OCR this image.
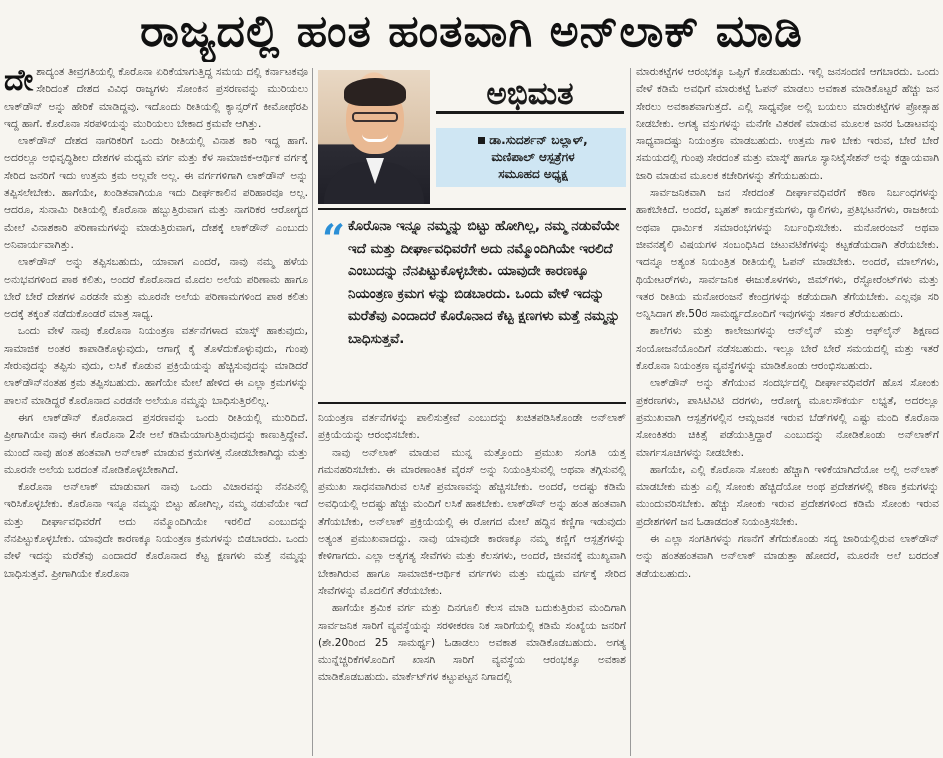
ರಾಜ್ಯದಲ್ಲಿ ಹಂತ ಹಂತವಾಗಿ ಅನ್‌ಲಾಕ್ ಮಾಡಿ

ದೇಶಾದ್ಯಂತ ತೀವ್ರಗತಿಯಲ್ಲಿ ಕೊರೊನಾ ಏರಿಕೆಯಾಗುತ್ತಿದ್ದ ಸಮಯ ದಲ್ಲಿ ಕರ್ನಾಟಕವೂ ಸೇರಿದಂತೆ ದೇಶದ ವಿವಿಧ ರಾಜ್ಯಗಳು ಸೋಂಕಿನ ಪ್ರಸರಣವನ್ನು ಮುರಿಯಲು ಲಾಕ್‌ಡೌನ್ ಅನ್ನು ಹೇರಿಕೆ ಮಾಡಿದ್ದವು. ಇದೊಂದು ರೀತಿಯಲ್ಲಿ ಕ್ಯಾನ್ಸರ್‌ಗೆ ಕೀಮೋಥೆರಪಿ ಇದ್ದ ಹಾಗೆ. ಕೊರೊನಾ ಸರಪಳಿಯನ್ನು ಮುರಿಯಲು ಬೇಕಾದ ಕ್ರಮವೇ ಆಗಿತ್ತು.

ಲಾಕ್‌ಡೌನ್ ದೇಶದ ನಾಗರಿಕರಿಗೆ ಒಂದು ರೀತಿಯಲ್ಲಿ ವಿನಾಶ ಕಾರಿ ಇದ್ದ ಹಾಗೆ. ಅದರಲ್ಲೂ ಅಭಿವೃದ್ಧಿಶೀಲ ದೇಶಗಳ ಮಧ್ಯಮ ವರ್ಗ ಮತ್ತು ಕೆಳ ಸಾಮಾಜಿಕ-ಆರ್ಥಿಕ ವರ್ಗಕ್ಕೆ ಸೇರಿದ ಜನರಿಗೆ ಇದು ಉತ್ತಮ ಕ್ರಮ ಅಲ್ಲವೇ ಅಲ್ಲ. ಈ ವರ್ಗಗಳಿಗಾಗಿ ಲಾಕ್‌ಡೌನ್ ಅನ್ನು ತಪ್ಪಿಸಲೇಬೇಕು. ಹಾಗೆಯೇ, ಖಂಡಿತವಾಗಿಯೂ ಇದು ದೀರ್ಘಕಾಲಿನ ಪರಿಹಾರವೂ ಅಲ್ಲ. ಆದರೂ, ಸುನಾಮಿ ರೀತಿಯಲ್ಲಿ ಕೊರೊನಾ ಹಬ್ಬುತ್ತಿರುವಾಗ ಮತ್ತು ನಾಗರಿಕರ ಆರೋಗ್ಯದ ಮೇಲೆ ವಿನಾಶಕಾರಿ ಪರಿಣಾಮಗಳನ್ನು ಮಾಡುತ್ತಿರುವಾಗ, ದೇಶಕ್ಕೆ ಲಾಕ್‌ಡೌನ್ ಎಂಬುದು ಅನಿವಾರ್ಯವಾಗಿತ್ತು.

ಲಾಕ್‌ಡೌನ್ ಅನ್ನು ತಪ್ಪಿಸಬಹುದು, ಯಾವಾಗ ಎಂದರೆ, ನಾವು ನಮ್ಮ ಹಳೆಯ ಅನುಭವಗಳಿಂದ ಪಾಠ ಕಲಿತು, ಅಂದರೆ ಕೊರೊನಾದ ಮೊದಲ ಅಲೆಯ ಪರಿಣಾಮ ಹಾಗೂ ಬೇರೆ ಬೇರೆ ದೇಶಗಳ ಎರಡನೇ ಮತ್ತು ಮೂರನೇ ಅಲೆಯ ಪರಿಣಾಮಗಳಿಂದ ಪಾಠ ಕಲಿತು ಅದಕ್ಕೆ ತಕ್ಕಂತೆ ನಡೆದುಕೊಂಡರೆ ಮಾತ್ರ ಸಾಧ್ಯ.

ಒಂದು ವೇಳೆ ನಾವು ಕೊರೊನಾ ನಿಯಂತ್ರಣ ವರ್ತನೆಗಳಾದ ಮಾಸ್ಕ್ ಹಾಕುವುದು, ಸಾಮಾಜಿಕ ಅಂತರ ಕಾಪಾಡಿಕೊಳ್ಳುವುದು, ಆಗಾಗ್ಗೆ ಕೈ ತೊಳೆದುಕೊಳ್ಳುವುದು, ಗುಂಪು ಸೇರುವುದನ್ನು ತಪ್ಪಿಸು ವುದು, ಲಸಿಕೆ ಕೊಡುವ ಪ್ರಕ್ರಿಯೆಯನ್ನು ಹೆಚ್ಚಿಸುವುದನ್ನು ಮಾಡಿದರೆ ಲಾಕ್‌ಡೌನ್‌ನಂತಹ ಕ್ರಮ ತಪ್ಪಿಸಬಹುದು. ಹಾಗೆಯೇ ಮೇಲೆ ಹೇಳಿದ ಈ ಎಲ್ಲಾ ಕ್ರಮಗಳನ್ನು ಪಾಲನೆ ಮಾಡಿದ್ದರೆ ಕೊರೊನಾದ ಎರಡನೇ ಅಲೆಯೂ ನಮ್ಮನ್ನು ಬಾಧಿಸುತ್ತಿರಲಿಲ್ಲ.

ಈಗ ಲಾಕ್‌ಡೌನ್ ಕೊರೊನಾದ ಪ್ರಸರಣವನ್ನು ಒಂದು ರೀತಿಯಲ್ಲಿ ಮುರಿದಿದೆ. ಪ್ರೀಗಾಗಿಯೇ ನಾವು ಈಗ ಕೊರೊನಾ 2ನೇ ಅಲೆ ಕಡಿಮೆಯಾಗುತ್ತಿರುವುದನ್ನು ಕಾಣುತ್ತಿದ್ದೇವೆ. ಮುಂದೆ ನಾವು ಹಂತ ಹಂತವಾಗಿ ಅನ್‌ಲಾಕ್ ಮಾಡುವ ಕ್ರಮಗಳತ್ತ ನೋಡಬೇಕಾಗಿದ್ದು ಮತ್ತು ಮೂರನೇ ಅಲೆಯ ಬರದಂತೆ ನೋಡಿಕೊಳ್ಳಬೇಕಾಗಿದೆ.

ಕೊರೊನಾ ಅನ್‌ಲಾಕ್ ಮಾಡುವಾಗ ನಾವು ಒಂದು ವಿಚಾರವನ್ನು ನೆನಪಿನಲ್ಲಿ ಇರಿಸಿಕೊಳ್ಳಬೇಕು. ಕೊರೊನಾ ಇನ್ನೂ ನಮ್ಮನ್ನು ಬಿಟ್ಟು ಹೋಗಿಲ್ಲ, ನಮ್ಮ ನಡುವೆಯೇ ಇದೆ ಮತ್ತು ದೀರ್ಘಾವಧಿವರೆಗೆ ಅದು ನಮ್ಮೊಂದಿಗಿಯೇ ಇರಲಿದೆ ಎಂಬುದನ್ನು ನೆನಪಿಟ್ಟುಕೊಳ್ಳಬೇಕು. ಯಾವುದೇ ಕಾರಣಕ್ಕೂ ನಿಯಂತ್ರಣ ಕ್ರಮಗಳನ್ನು ಬಿಡಬಾರದು. ಒಂದು ವೇಳೆ ಇದನ್ನು ಮರೆತೆವು ಎಂದಾದರೆ ಕೊರೊನಾದ ಕೆಟ್ಟ ಕ್ಷಣಗಳು ಮತ್ತೆ ನಮ್ಮನ್ನು ಬಾಧಿಸುತ್ತವೆ. ಪ್ರೀಗಾಗಿಯೇ ಕೊರೊನಾ

ಅಭಿಮತ
ಡಾ.ಸುದರ್ಶನ್ ಬಲ್ಲಾಳ್,
ಮಣಿಪಾಲ್ ಆಸ್ಪತ್ರೆಗಳ
ಸಮೂಹದ ಅಧ್ಯಕ್ಷ
“ ಕೊರೊನಾ ಇನ್ನೂ ನಮ್ಮನ್ನು ಬಿಟ್ಟು ಹೋಗಿಲ್ಲ, ನಮ್ಮ ನಡುವೆಯೇ ಇದೆ ಮತ್ತು ದೀರ್ಘಾವಧಿವರೆಗೆ ಅದು ನಮ್ಮೊಂದಿಗಿಯೇ ಇರಲಿದೆ ಎಂಬುದನ್ನು ನೆನಪಿಟ್ಟುಕೊಳ್ಳಬೇಕು. ಯಾವುದೇ ಕಾರಣಕ್ಕೂ ನಿಯಂತ್ರಣ ಕ್ರಮಗ ಳನ್ನು ಬಿಡಬಾರದು. ಒಂದು ವೇಳೆ ಇದನ್ನು ಮರೆತೆವು ಎಂದಾದರೆ ಕೊರೊನಾದ ಕೆಟ್ಟ ಕ್ಷಣಗಳು ಮತ್ತೆ ನಮ್ಮನ್ನು ಬಾಧಿಸುತ್ತವೆ.

ನಿಯಂತ್ರಣ ವರ್ತನೆಗಳನ್ನು ಪಾಲಿಸುತ್ತೇವೆ ಎಂಬುದನ್ನು ಖಚಿತಪಡಿಸಿಕೊಂಡೇ ಅನ್‌ಲಾಕ್ ಪ್ರಕ್ರಿಯೆಯನ್ನು ಆರಂಭಿಸಬೇಕು.

ನಾವು ಅನ್‌ಲಾಕ್ ಮಾಡುವ ಮುನ್ನ ಮತ್ತೊಂದು ಪ್ರಮುಖ ಸಂಗತಿ ಯತ್ತ ಗಮನಹರಿಸಬೇಕು. ಈ ಮಾರಣಾಂತಿಕ ವೈರಸ್ ಅನ್ನು ನಿಯಂತ್ರಿಸುವಲ್ಲಿ ಅಥವಾ ತಗ್ಗಿಸುವಲ್ಲಿ ಪ್ರಮುಖ ಸಾಧನವಾಗಿರುವ ಲಸಿಕೆ ಪ್ರಮಾಣವನ್ನು ಹೆಚ್ಚಿಸಬೇಕು. ಅಂದರೆ, ಅದಷ್ಟು ಕಡಿಮೆ ಅವಧಿಯಲ್ಲಿ ಅದಷ್ಟು ಹೆಚ್ಚು ಮಂದಿಗೆ ಲಸಿಕೆ ಹಾಕಬೇಕು. ಲಾಕ್‌ಡೌನ್ ಅನ್ನು ಹಂತ ಹಂತವಾಗಿ ತೆಗೆಯಬೇಕು, ಅನ್‌ಲಾಕ್ ಪ್ರಕ್ರಿಯೆಯಲ್ಲಿ ಈ ರೋಗದ ಮೇಲೆ ಹದ್ದಿನ ಕಣ್ಣಿಗಾ ಇಡುವುದು ಅತ್ಯಂತ ಪ್ರಮುಖವಾದದ್ದು. ನಾವು ಯಾವುದೇ ಕಾರಣಕ್ಕೂ ನಮ್ಮ ಕಣ್ಣಿಗೆ ಆಸ್ಪತ್ರೆಗಳನ್ನು ಕೇಳಿಗಾಗದು. ಎಲ್ಲಾ ಅತ್ಯಗತ್ಯ ಸೇವೆಗಳು ಮತ್ತು ಕೆಲಸಗಳು, ಅಂದರೆ, ಜೀವನಕ್ಕೆ ಮುಖ್ಯವಾಗಿ ಬೇಕಾಗಿರುವ ಹಾಗೂ ಸಾಮಾಜಿಕ-ಆರ್ಥಿಕ ವರ್ಗಗಳು ಮತ್ತು ಮಧ್ಯಮ ವರ್ಗಕ್ಕೆ ಸೇರಿದ ಸೇವೆಗಳನ್ನು ಮೊದಲಿಗೆ ತೆರೆಯಬೇಕು.

ಹಾಗೆಯೇ ಶ್ರಮಿಕ ವರ್ಗ ಮತ್ತು ದಿನಗೂಲಿ ಕೆಲಸ ಮಾಡಿ ಬದುಕುತ್ತಿರುವ ಮಂದಿಗಾಗಿ ಸಾರ್ವಜನಿಕ ಸಾರಿಗೆ ವ್ಯವಸ್ಥೆಯನ್ನು ಸರಳೀಕರಣ ನಿಕ ಸಾರಿಗೆಯಲ್ಲಿ ಕಡಿಮೆ ಸಂಖ್ಯೆಯ ಜನರಿಗೆ (ಶೇ.20ರಿಂದ 25 ಸಾಮರ್ಥ್ಯ) ಓಡಾಡಲು ಅವಕಾಶ ಮಾಡಿಕೊಡಬಹುದು. ಅಗತ್ಯ ಮುನ್ನೆಚ್ಚರಿಕೆಗಳೊಂದಿಗೆ ಖಾಸಗಿ ಸಾರಿಗೆ ವ್ಯವಸ್ಥೆಯ ಆರಂಭಕ್ಕೂ ಅವಕಾಶ ಮಾಡಿಕೊಡಬಹುದು. ಮಾರ್ಕೆಟ್‌ಗಳ ಕಟ್ಟುಪಟ್ಟನ ನಿಗಾದಲ್ಲಿ

ಮಾರುಕಟ್ಟೆಗಳ ಆರಂಭಕ್ಕೂ ಒಪ್ಪಿಗೆ ಕೊಡಬಹುದು. ಇಲ್ಲಿ ಜನಸಂದಣಿ ಆಗಬಾರದು. ಒಂದು ವೇಳೆ ಕಡಿಮೆ ಅವಧಿಗೆ ಮಾರುಕಟ್ಟೆ ಓಪನ್ ಮಾಡಲು ಅವಕಾಶ ಮಾಡಿಕೊಟ್ಟರೆ ಹೆಚ್ಚು ಜನ ಸೇರಲು ಅವಕಾಶವಾಗುತ್ತದೆ. ಎಲ್ಲಿ ಸಾಧ್ಯವೋ ಅಲ್ಲಿ ಬಯಲು ಮಾರುಕಟ್ಟೆಗಳ ಪ್ರೋತ್ಸಾಹ ನೀಡಬೇಕು. ಅಗತ್ಯ ವಸ್ತುಗಳನ್ನು ಮನೆಗೇ ವಿತರಣೆ ಮಾಡುವ ಮೂಲಕ ಜನರ ಓಡಾಟವನ್ನು ಸಾಧ್ಯವಾದಷ್ಟು ನಿಯಂತ್ರಣ ಮಾಡಬಹುದು. ಉತ್ತಮ ಗಾಳಿ ಬೇಕು ಇರುವ, ಬೇರೆ ಬೇರೆ ಸಮಯದಲ್ಲಿ ಗುಂಪು ಸೇರದಂತೆ ಮತ್ತು ಮಾಸ್ಕ್ ಹಾಗೂ ಸ್ಯಾನಿಟೈಸೇಶನ್ ಅನ್ನು ಕಡ್ಡಾಯವಾಗಿ ಜಾರಿ ಮಾಡುವ ಮೂಲಕ ಕಚೇರಿಗಳನ್ನು ತೆಗೆಯಬಹುದು.

ಸಾರ್ವಜನಿಕವಾಗಿ ಜನ ಸೇರದಂತೆ ದೀರ್ಘಾವಧಿವರೆಗೆ ಕಠಿಣ ನಿರ್ಬಂಧಗಳನ್ನು ಹಾಕಬೇಕಿದೆ. ಅಂದರೆ, ಬೃಹತ್ ಕಾರ್ಯಕ್ರಮಗಳು, ರ್‍ಯಾಲಿಗಳು, ಪ್ರತಿಭಟನೆಗಳು, ರಾಜಕೀಯ ಅಥವಾ ಧಾರ್ಮಿಕ ಸಮಾರಂಭಗಳನ್ನು ನಿರ್ಬಂಧಿಸಬೇಕು. ಮನೋರಂಜನೆ ಅಥವಾ ಜೀವನಶೈಲಿ ವಿಷಯಗಳ ಸಂಬಂಧಿಸಿದ ಚಟುವಟಿಕೆಗಳನ್ನು ಕಟ್ಟಕಡೆಯದಾಗಿ ತೆರೆಯಬೇಕು. ಇದನ್ನೂ ಅತ್ಯಂತ ನಿಯಂತ್ರಿತ ರೀತಿಯಲ್ಲಿ ಓಪನ್ ಮಾಡಬೇಕು. ಅಂದರೆ, ಮಾಲ್‌ಗಳು, ಥಿಯೇಟರ್‌ಗಳು, ಸಾರ್ವಜನಿಕ ಈಜುಕೊಳಗಳು, ಜಿಮ್‌ಗಳು, ರೆಸ್ಟೋರೆಂಟ್‌ಗಳು ಮತ್ತು ಇತರ ರೀತಿಯ ಮನೋರಂಜನೆ ಕೇಂದ್ರಗಳನ್ನು ಕಡೆಯದಾಗಿ ತೆಗೆಯಬೇಕು. ಎಲ್ಲವೂ ಸರಿ ಅನ್ನಿಸಿದಾಗ ಶೇ.50ರ ಸಾಮರ್ಥ್ಯದೊಂದಿಗೆ ಇವುಗಳನ್ನು ಸರ್ಕಾರ ತೆರೆಯಬಹುದು.

ಶಾಲೆಗಳು ಮತ್ತು ಕಾಲೇಜುಗಳನ್ನು ಆನ್‌ಲೈನ್ ಮತ್ತು ಆಫ್‌ಲೈನ್ ಶಿಕ್ಷಣದ ಸಂಯೋಜನೆಯೊಂದಿಗೆ ನಡೆಸಬಹುದು. ಇಲ್ಲೂ ಬೇರೆ ಬೇರೆ ಸಮಯದಲ್ಲಿ ಮತ್ತು ಇತರೆ ಕೊರೊನಾ ನಿಯಂತ್ರಣ ವ್ಯವಸ್ಥೆಗಳನ್ನು ಮಾಡಿಕೊಂಡು ಆರಂಭಿಸಬಹುದು.

ಲಾಕ್‌ಡೌನ್ ಅನ್ನು ತೆಗೆಯುವ ಸಂದರ್ಭದಲ್ಲಿ ದೀರ್ಘಾವಧಿವರೆಗೆ ಹೊಸ ಸೋಂಕು ಪ್ರಕರಣಗಳು, ಪಾಸಿಟಿವಿಟಿ ದರಗಳು, ಆರೋಗ್ಯ ಮೂಲಸೌಕರ್ಯ ಲಭ್ಯತೆ, ಅದರಲ್ಲೂ ಪ್ರಮುಖವಾಗಿ ಆಸ್ಪತ್ರೆಗಳಲ್ಲಿನ ಆಮ್ಲಜನಕ ಇರುವ ಬೆಡ್‌ಗಳಲ್ಲಿ ಎಷ್ಟು ಮಂದಿ ಕೊರೊನಾ ಸೋಂಕಿತರು ಚಿಕಿತ್ಸೆ ಪಡೆಯುತ್ತಿದ್ದಾರೆ ಎಂಬುದನ್ನು ನೋಡಿಕೊಂಡು ಅನ್‌ಲಾಕ್‌ಗೆ ಮಾರ್ಗಸೂಚಿಗಳನ್ನು ನೀಡಬೇಕು.

ಹಾಗೆಯೇ, ಎಲ್ಲಿ ಕೊರೊನಾ ಸೋಂಕು ಹೆಚ್ಚಾಗಿ ಇಳಿಕೆಯಾಗಿದೆಯೋ ಅಲ್ಲಿ ಅನ್‌ಲಾಕ್ ಮಾಡಬೇಕು ಮತ್ತು ಎಲ್ಲಿ ಸೋಂಕು ಹೆಚ್ಚಿದೆಯೋ ಅಂಥ ಪ್ರದೇಶಗಳಲ್ಲಿ ಕಠಿಣ ಕ್ರಮಗಳನ್ನು ಮುಂದುವರಿಸಬೇಕು. ಹೆಚ್ಚು ಸೋಂಕು ಇರುವ ಪ್ರದೇಶಗಳಿಂದ ಕಡಿಮೆ ಸೋಂಕು ಇರುವ ಪ್ರದೇಶಗಳಿಗೆ ಜನ ಓಡಾಡದಂತೆ ನಿಯಂತ್ರಿಸಬೇಕು.

ಈ ಎಲ್ಲಾ ಸಂಗತಿಗಳನ್ನು ಗಣನೆಗೆ ತೆಗೆದುಕೊಂಡು ಸದ್ಯ ಜಾರಿಯಲ್ಲಿರುವ ಲಾಕ್‌ಡೌನ್ ಅನ್ನು ಹಂತಹಂತವಾಗಿ ಅನ್‌ಲಾಕ್ ಮಾಡುತ್ತಾ ಹೋದರೆ, ಮೂರನೇ ಅಲೆ ಬರದಂತೆ ತಡೆಯಬಹುದು.
